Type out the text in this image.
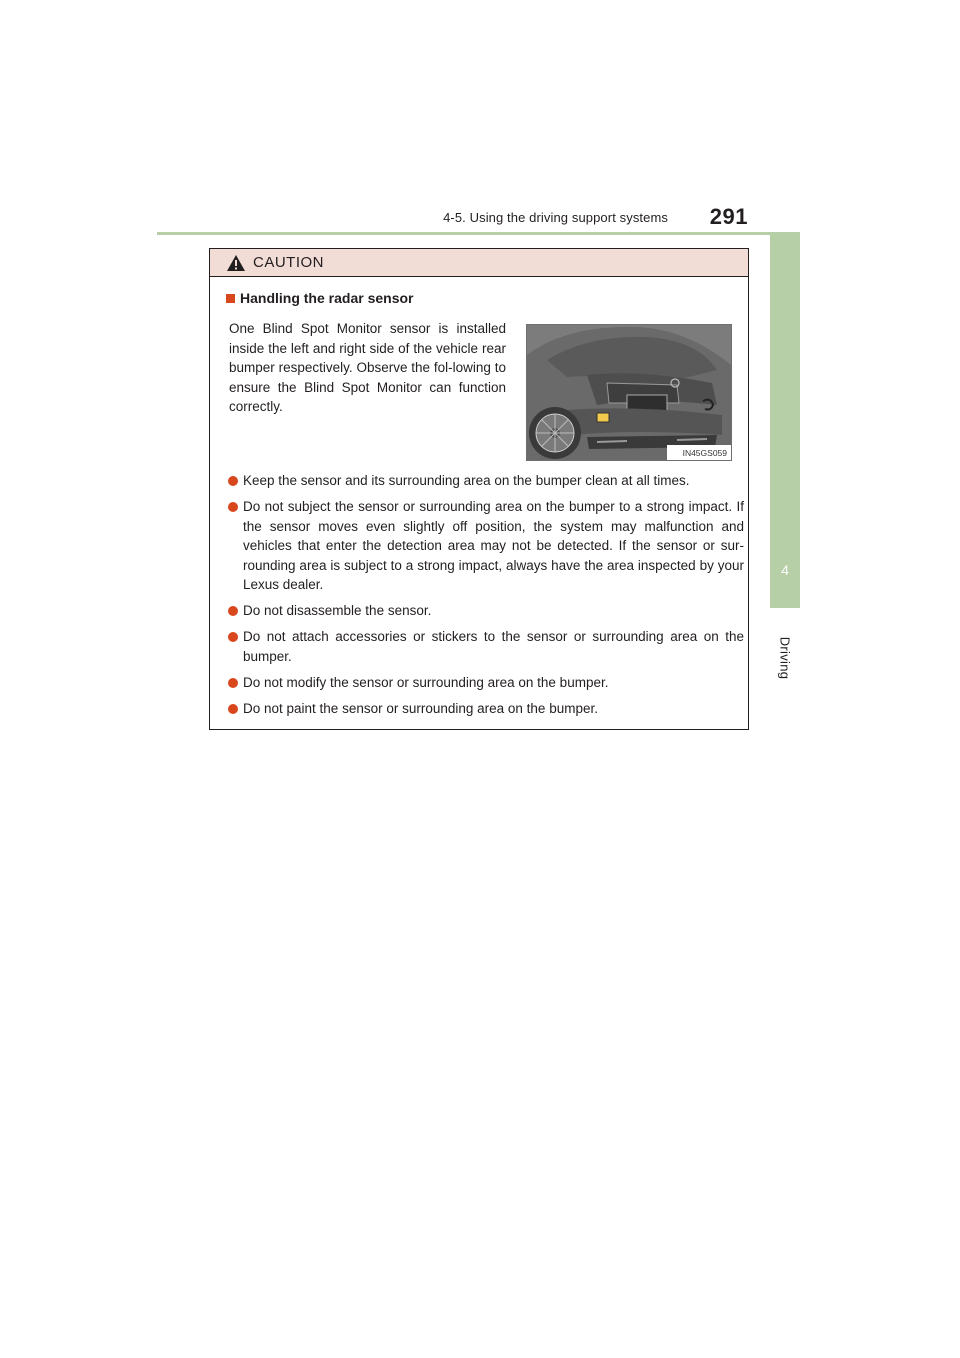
4-5. Using the driving support systems	291
4
Driving
CAUTION
Handling the radar sensor
One Blind Spot Monitor sensor is installed inside the left and right side of the vehicle rear bumper respectively. Observe the fol-lowing to ensure the Blind Spot Monitor can function correctly.
IN45GS059
Keep the sensor and its surrounding area on the bumper clean at all times.
Do not subject the sensor or surrounding area on the bumper to a strong impact. If the sensor moves even slightly off position, the system may malfunction and vehicles that enter the detection area may not be detected. If the sensor or sur-rounding area is subject to a strong impact, always have the area inspected by your Lexus dealer.
Do not disassemble the sensor.
Do not attach accessories or stickers to the sensor or surrounding area on the bumper.
Do not modify the sensor or surrounding area on the bumper.
Do not paint the sensor or surrounding area on the bumper.
